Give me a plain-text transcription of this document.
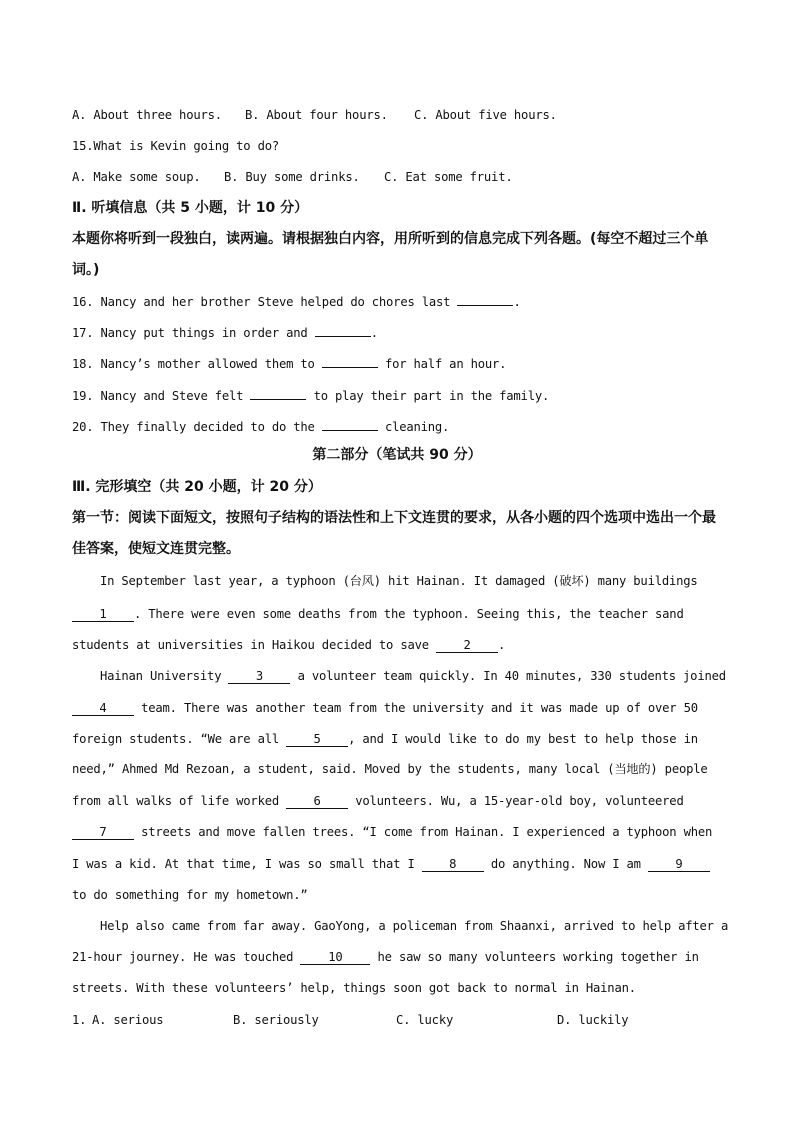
A. About three hours. B. About four hours. C. About five hours.
15.What is Kevin going to do?
A. Make some soup. B. Buy some drinks. C. Eat some fruit.
Ⅱ. 听填信息（共 5 小题，计 10 分）
本题你将听到一段独白，读两遍。请根据独白内容，用所听到的信息完成下列各题。(每空不超过三个单
词。)
16. Nancy and her brother Steve helped do chores last	.
17. Nancy put things in order and	.
18. Nancy’s mother allowed them to	for half an hour.
19. Nancy and Steve felt	to play their part in the family.
20. They finally decided to do the	cleaning.
第二部分（笔试共 90 分）
Ⅲ. 完形填空（共 20 小题，计 20 分）
第一节：阅读下面短文，按照句子结构的语法性和上下文连贯的要求，从各小题的四个选项中选出一个最
佳答案，使短文连贯完整。
In September last year, a typhoon (台风) hit Hainan. It damaged (破坏) many buildings
1 . There were even some deaths from the typhoon. Seeing this, the teacher sand
students at universities in Haikou decided to save 2 .
Hainan University 3 a volunteer team quickly. In 40 minutes, 330 students joined
4 team. There was another team from the university and it was made up of over 50
foreign students. “We are all 5 , and I would like to do my best to help those in
need,” Ahmed Md Rezoan, a student, said. Moved by the students, many local (当地的) people
from all walks of life worked 6 volunteers. Wu, a 15-year-old boy, volunteered
7 streets and move fallen trees. “I come from Hainan. I experienced a typhoon when
I was a kid. At that time, I was so small that I 8 do anything. Now I am 9
to do something for my hometown.”
Help also came from far away. GaoYong, a policeman from Shaanxi, arrived to help after a
21-hour journey. He was touched 10 he saw so many volunteers working together in
streets. With these volunteers’ help, things soon got back to normal in Hainan.
1. A. serious	B. seriously	C. lucky	D. luckily
